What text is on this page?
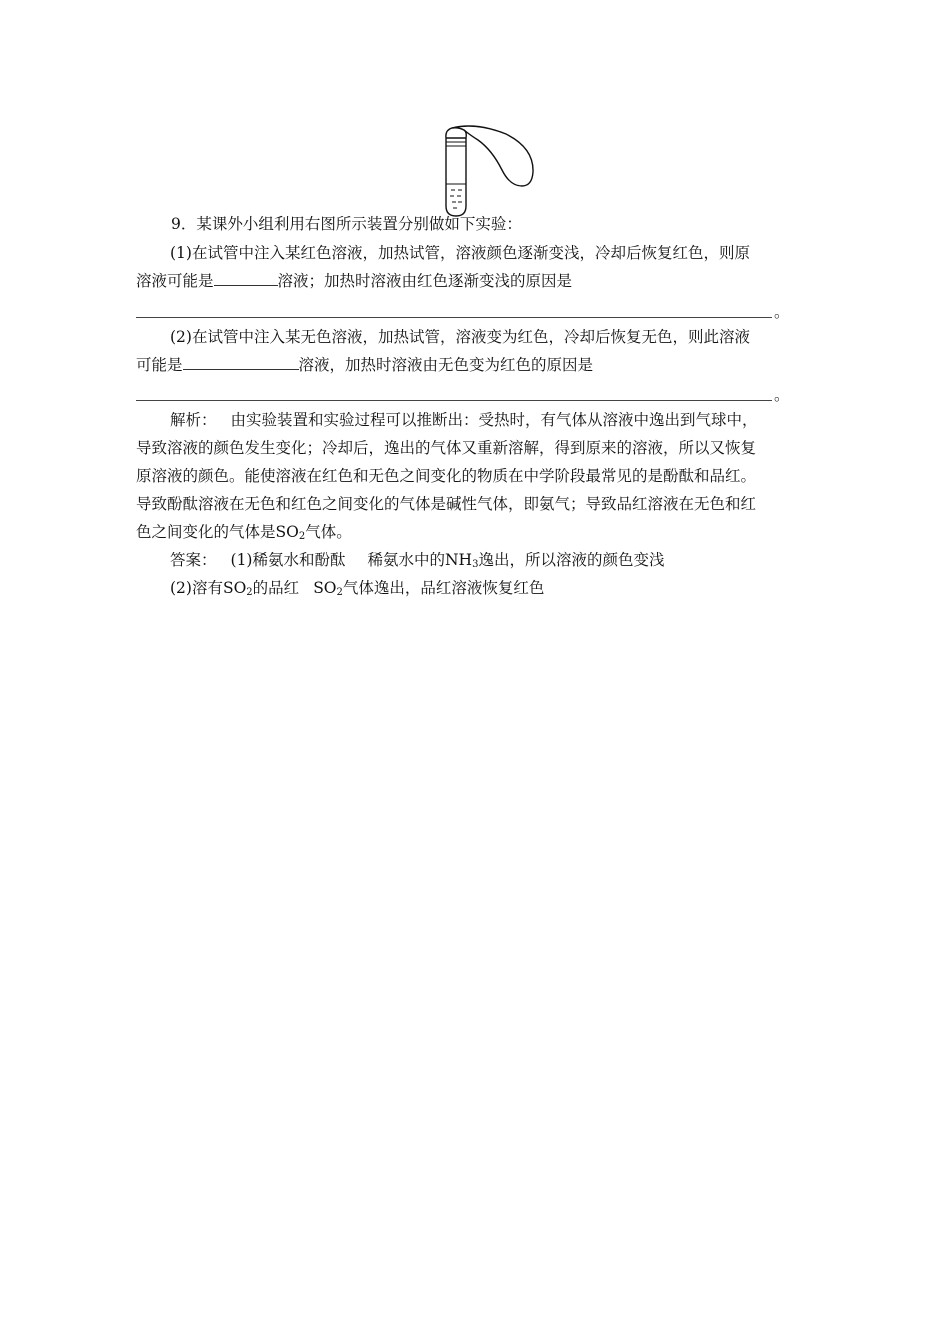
9．某课外小组利用右图所示装置分别做如下实验：
(1)在试管中注入某红色溶液，加热试管，溶液颜色逐渐变浅，冷却后恢复红色，则原
溶液可能是	溶液；加热时溶液由红色逐渐变浅的原因是
。
(2)在试管中注入某无色溶液，加热试管，溶液变为红色，冷却后恢复无色，则此溶液
可能是	溶液，加热时溶液由无色变为红色的原因是
。
解析： 由实验装置和实验过程可以推断出：受热时，有气体从溶液中逸出到气球中，
导致溶液的颜色发生变化；冷却后，逸出的气体又重新溶解，得到原来的溶液，所以又恢复
原溶液的颜色。能使溶液在红色和无色之间变化的物质在中学阶段最常见的是酚酞和品红。
导致酚酞溶液在无色和红色之间变化的气体是碱性气体，即氨气；导致品红溶液在无色和红
色之间变化的气体是$SO_2$气体。
答案： (1)稀氨水和酚酞 稀氨水中的$NH_3$逸出，所以溶液的颜色变浅
(2)溶有$SO_2$的品红 $SO_2$气体逸出，品红溶液恢复红色
